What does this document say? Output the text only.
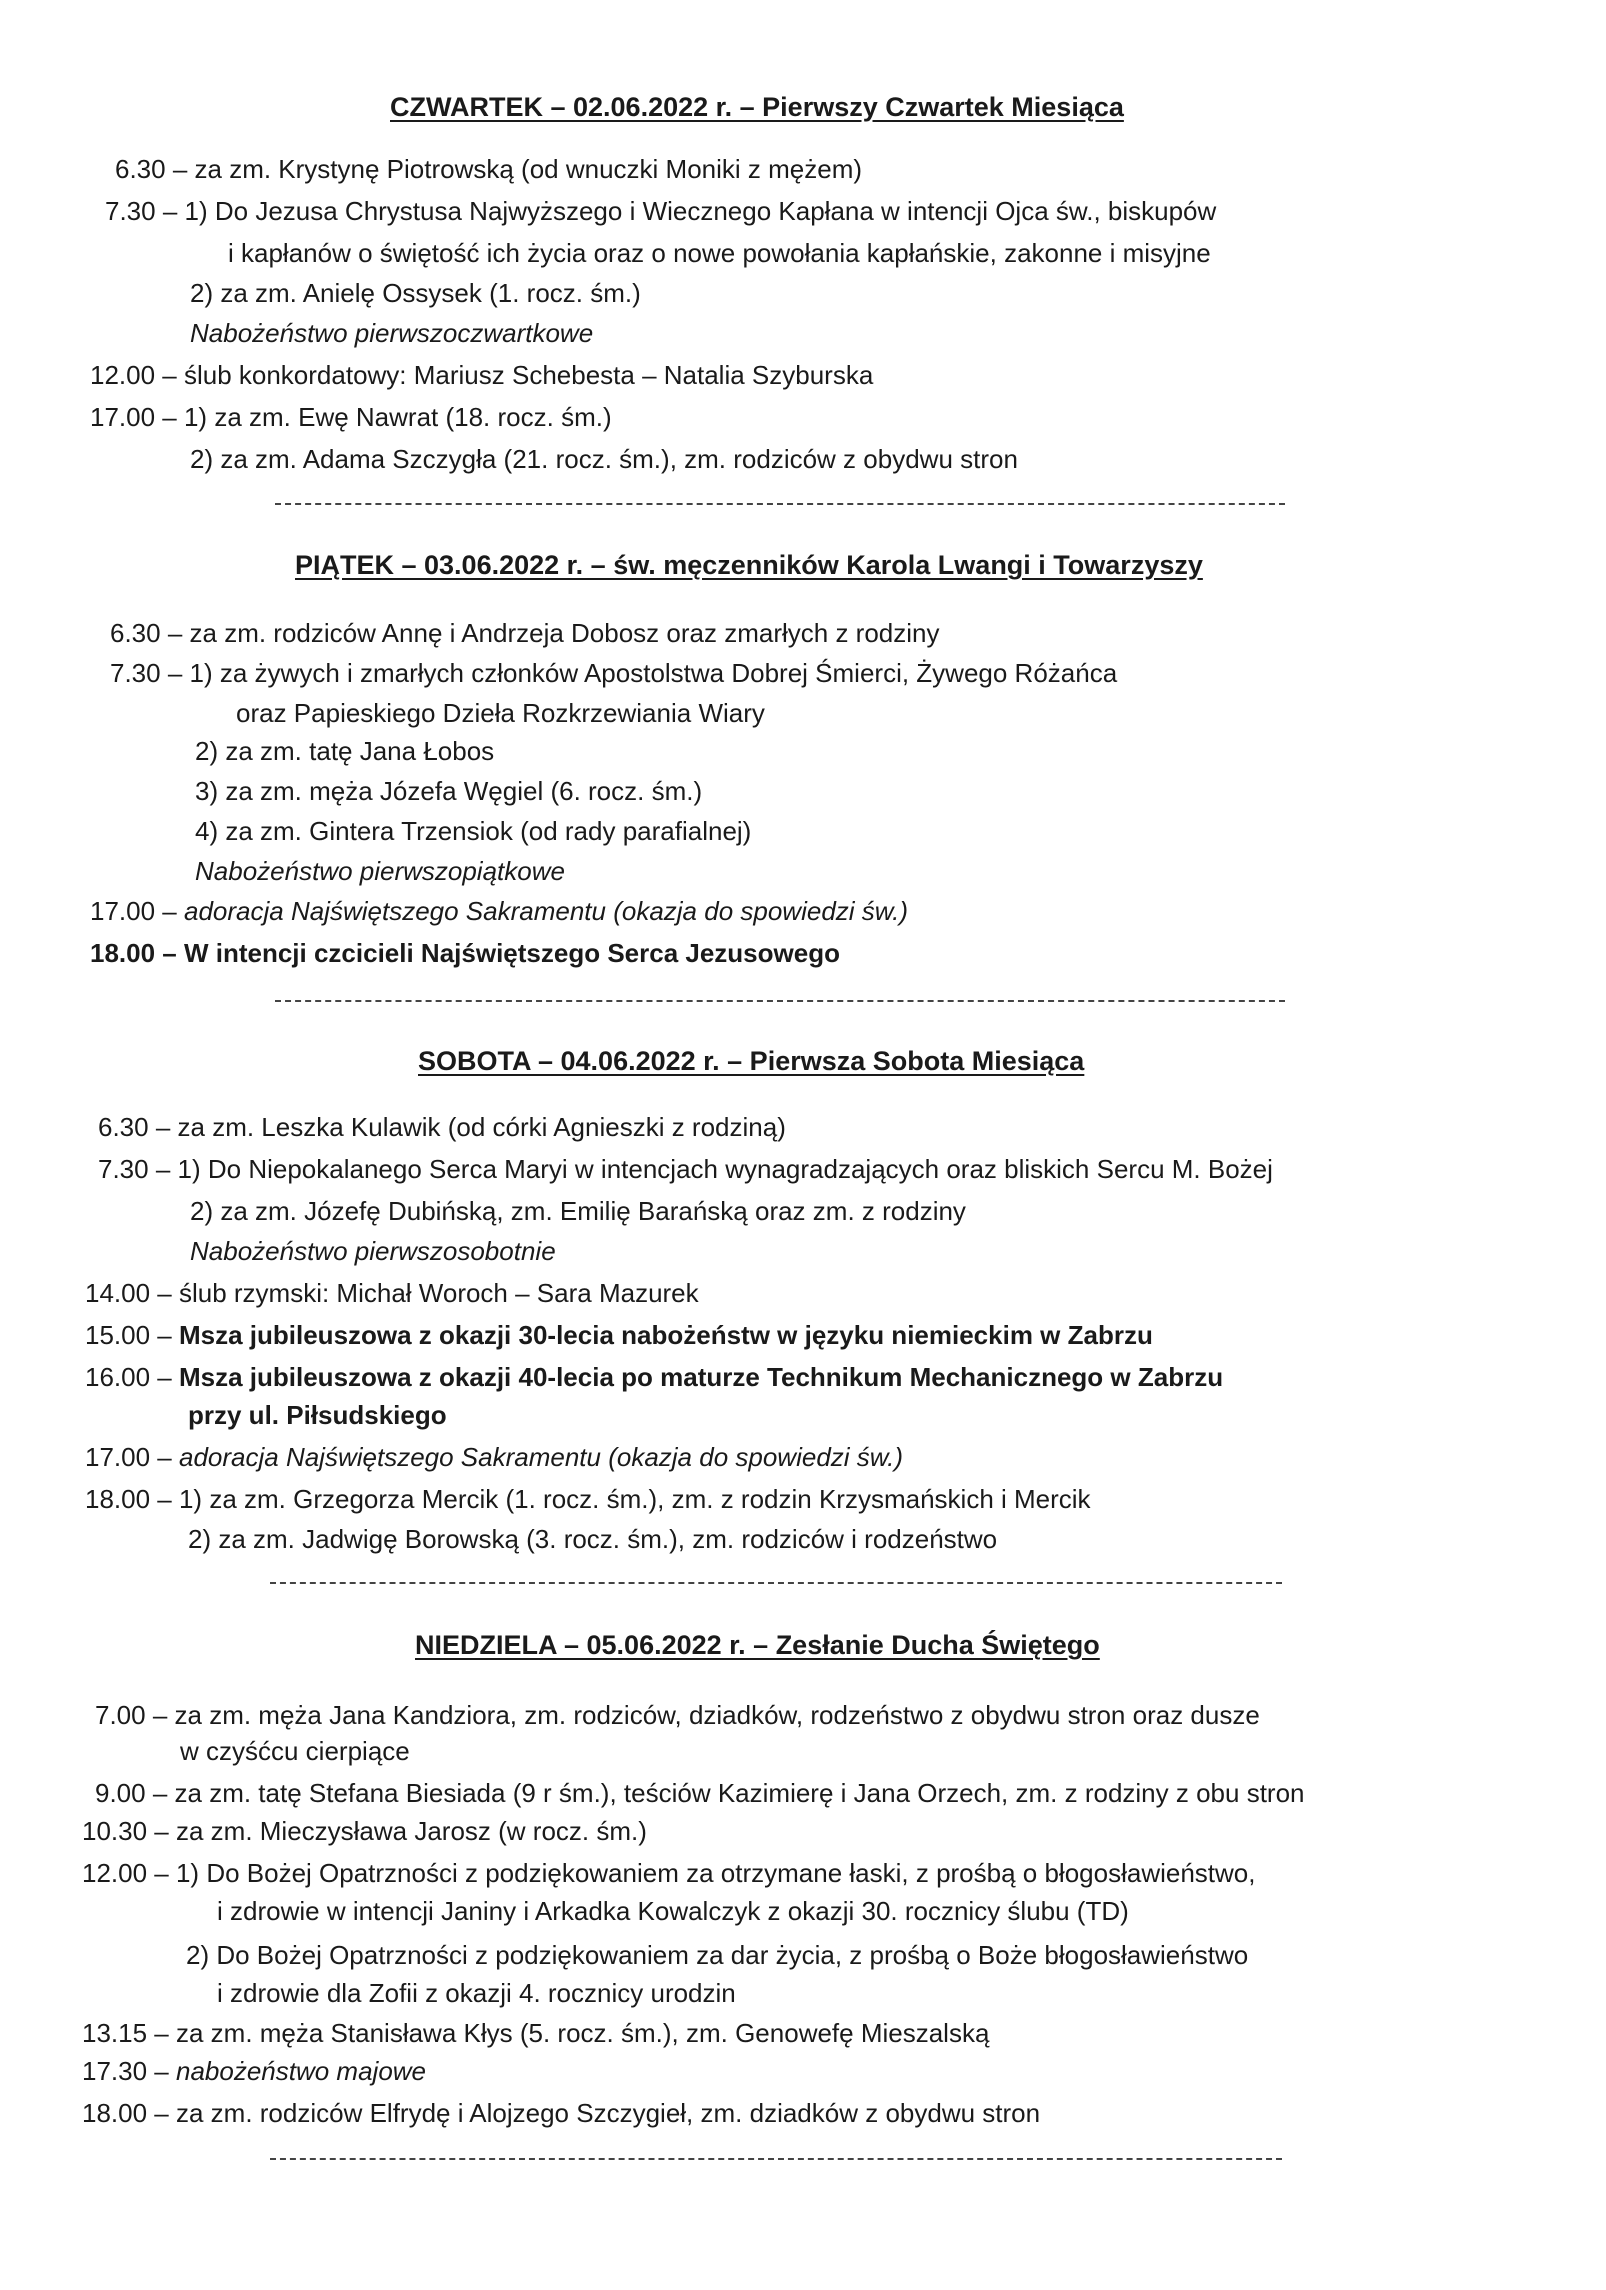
CZWARTEK – 02.06.2022 r. – Pierwszy Czwartek Miesiąca
6.30 – za zm. Krystynę Piotrowską (od wnuczki Moniki z mężem)
7.30 – 1) Do Jezusa Chrystusa Najwyższego i Wiecznego Kapłana w intencji Ojca św., biskupów
i kapłanów o świętość ich życia oraz o nowe powołania kapłańskie, zakonne i misyjne
2) za zm. Anielę Ossysek (1. rocz. śm.)
Nabożeństwo pierwszoczwartkowe
12.00 – ślub konkordatowy: Mariusz Schebesta – Natalia Szyburska
17.00 – 1) za zm. Ewę Nawrat (18. rocz. śm.)
2) za zm. Adama Szczygła (21. rocz. śm.), zm. rodziców z obydwu stron
PIĄTEK – 03.06.2022 r. – św. męczenników Karola Lwangi i Towarzyszy
6.30 – za zm. rodziców Annę i Andrzeja Dobosz oraz zmarłych z rodziny
7.30 – 1) za żywych i zmarłych członków Apostolstwa Dobrej Śmierci, Żywego Różańca
oraz Papieskiego Dzieła Rozkrzewiania Wiary
2) za zm. tatę Jana Łobos
3) za zm. męża Józefa Węgiel (6. rocz. śm.)
4) za zm. Gintera Trzensiok (od rady parafialnej)
Nabożeństwo pierwszopiątkowe
17.00 – adoracja Najświętszego Sakramentu (okazja do spowiedzi św.)
18.00 – W intencji czcicieli Najświętszego Serca Jezusowego
SOBOTA – 04.06.2022 r. – Pierwsza Sobota Miesiąca
6.30 – za zm. Leszka Kulawik (od córki Agnieszki z rodziną)
7.30 – 1) Do Niepokalanego Serca Maryi w intencjach wynagradzających oraz bliskich Sercu M. Bożej
2) za zm. Józefę Dubińską, zm. Emilię Barańską oraz zm. z rodziny
Nabożeństwo pierwszosobotnie
14.00 – ślub rzymski: Michał Woroch – Sara Mazurek
15.00 – Msza jubileuszowa z okazji 30-lecia nabożeństw w języku niemieckim w Zabrzu
16.00 – Msza jubileuszowa z okazji 40-lecia po maturze Technikum Mechanicznego w Zabrzu
przy ul. Piłsudskiego
17.00 – adoracja Najświętszego Sakramentu (okazja do spowiedzi św.)
18.00 – 1) za zm. Grzegorza Mercik (1. rocz. śm.), zm. z rodzin Krzysmańskich i Mercik
2) za zm. Jadwigę Borowską (3. rocz. śm.), zm. rodziców i rodzeństwo
NIEDZIELA – 05.06.2022 r. – Zesłanie Ducha Świętego
7.00 – za zm. męża Jana Kandziora, zm. rodziców, dziadków, rodzeństwo z obydwu stron oraz dusze
w czyśćcu cierpiące
9.00 – za zm. tatę Stefana Biesiada (9 r śm.), teściów Kazimierę i Jana Orzech, zm. z rodziny z obu stron
10.30 – za zm. Mieczysława Jarosz (w rocz. śm.)
12.00 – 1) Do Bożej Opatrzności z podziękowaniem za otrzymane łaski, z prośbą o błogosławieństwo,
i zdrowie w intencji Janiny i Arkadka Kowalczyk z okazji 30. rocznicy ślubu (TD)
2) Do Bożej Opatrzności z podziękowaniem za dar życia, z prośbą o Boże błogosławieństwo
i zdrowie dla Zofii z okazji 4. rocznicy urodzin
13.15 – za zm. męża Stanisława Kłys (5. rocz. śm.), zm. Genowefę Mieszalską
17.30 – nabożeństwo majowe
18.00 – za zm. rodziców Elfrydę i Alojzego Szczygieł, zm. dziadków z obydwu stron
